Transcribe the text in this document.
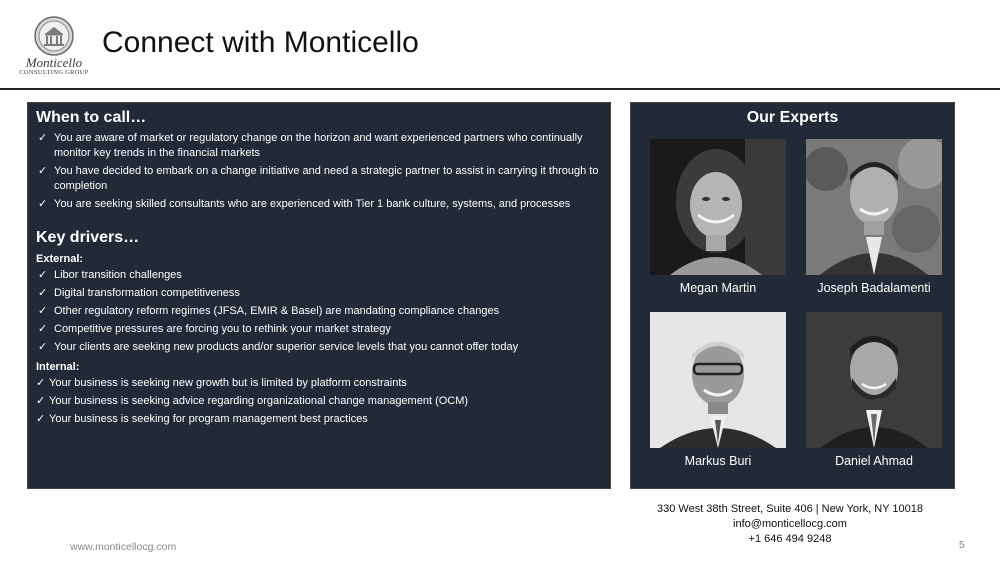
Monticello
CONSULTING GROUP
Connect with Monticello
When to call…
✓ You are aware of market or regulatory change on the horizon and want experienced partners who continually monitor key trends in the financial markets
✓ You have decided to embark on a change initiative and need a strategic partner to assist in carrying it through to completion
✓ You are seeking skilled consultants who are experienced with Tier 1 bank culture, systems, and processes
Key drivers…
External:
✓ Libor transition challenges
✓ Digital transformation competitiveness
✓ Other regulatory reform regimes (JFSA, EMIR & Basel) are mandating compliance changes
✓ Competitive pressures are forcing you to rethink your market strategy
✓ Your clients are seeking new products and/or superior service levels that you cannot offer today
Internal:
✓ Your business is seeking new growth but is limited by platform constraints
✓ Your business is seeking advice regarding organizational change management (OCM)
✓ Your business is seeking for program management best practices
Our Experts
Megan Martin	Joseph Badalamenti
Markus Buri	Daniel Ahmad
330 West 38th Street, Suite 406 | New York, NY 10018
info@monticellocg.com
+1 646 494 9248
www.monticellocg.com	5
